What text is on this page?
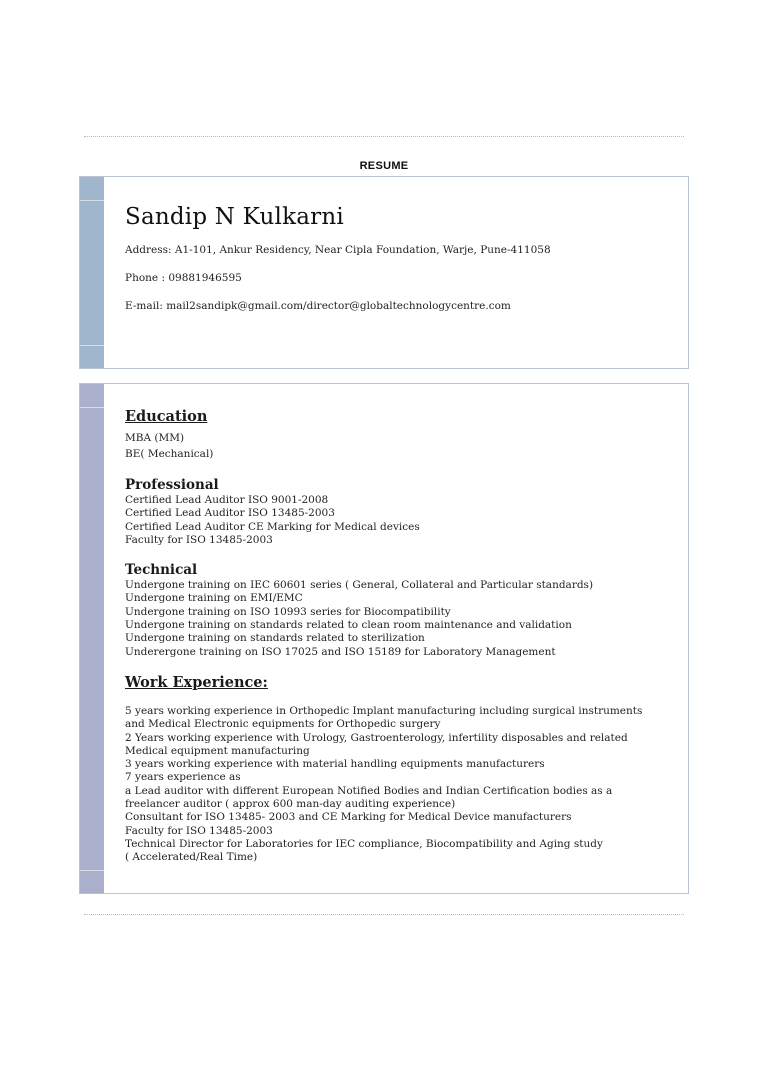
RESUME
Sandip N Kulkarni

Address: A1-101, Ankur Residency, Near Cipla Foundation, Warje, Pune-411058

Phone : 09881946595

E-mail: mail2sandipk@gmail.com/director@globaltechnologycentre.com

Education
MBA (MM)
BE( Mechanical)
Professional
Certified Lead Auditor ISO 9001-2008
Certified Lead Auditor ISO 13485-2003
Certified Lead Auditor CE Marking for Medical devices
Faculty for ISO 13485-2003
Technical
Undergone training on IEC 60601 series ( General, Collateral and Particular standards)
Undergone training on EMI/EMC
Undergone training on ISO 10993 series for Biocompatibility
Undergone training on standards related to clean room maintenance and validation
Undergone training on standards related to sterilization
Underergone training on ISO 17025 and ISO 15189 for Laboratory Management
Work Experience:
5 years working experience in Orthopedic Implant manufacturing including surgical instruments
and Medical Electronic equipments for Orthopedic surgery
2 Years working experience with Urology, Gastroenterology, infertility disposables and related
Medical equipment manufacturing
3 years working experience with material handling equipments manufacturers
7 years experience as
a Lead auditor with different European Notified Bodies and Indian Certification bodies as a
freelancer auditor ( approx 600 man-day auditing experience)
Consultant for ISO 13485- 2003 and CE Marking for Medical Device manufacturers
Faculty for ISO 13485-2003
Technical Director for Laboratories for IEC compliance, Biocompatibility and Aging study
( Accelerated/Real Time)
